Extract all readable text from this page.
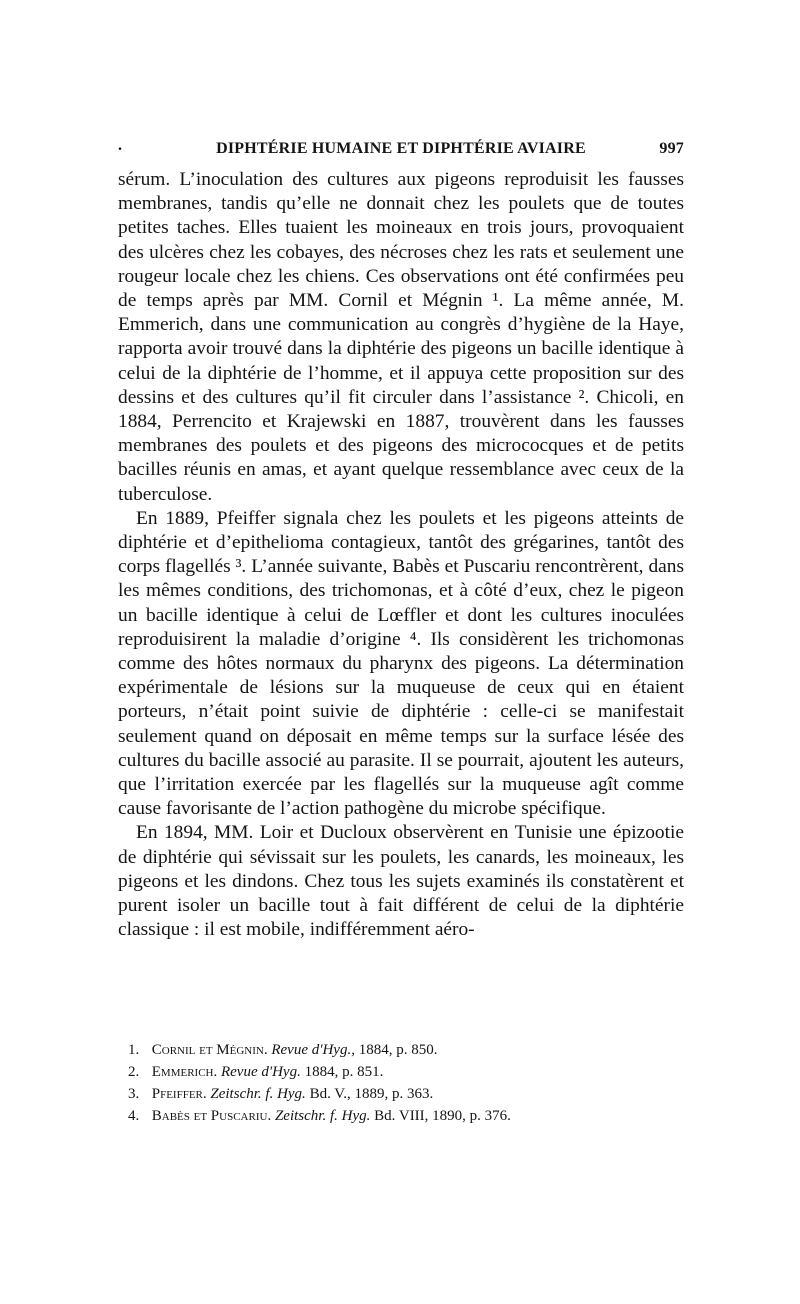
.	DIPHTÉRIE HUMAINE ET DIPHTÉRIE AVIAIRE	997

sérum. L’inoculation des cultures aux pigeons reproduisit les fausses membranes, tandis qu’elle ne donnait chez les poulets que de toutes petites taches. Elles tuaient les moineaux en trois jours, provoquaient des ulcères chez les cobayes, des nécroses chez les rats et seulement une rougeur locale chez les chiens. Ces observations ont été confirmées peu de temps après par MM. Cornil et Mégnin ¹. La même année, M. Emmerich, dans une communication au congrès d’hygiène de la Haye, rapporta avoir trouvé dans la diphtérie des pigeons un bacille identique à celui de la diphtérie de l’homme, et il appuya cette proposition sur des dessins et des cultures qu’il fit circuler dans l’assistance ². Chicoli, en 1884, Perrencito et Krajewski en 1887, trouvèrent dans les fausses membranes des poulets et des pigeons des micrococques et de petits bacilles réunis en amas, et ayant quelque ressemblance avec ceux de la tuberculose.

En 1889, Pfeiffer signala chez les poulets et les pigeons atteints de diphtérie et d’epithelioma contagieux, tantôt des grégarines, tantôt des corps flagellés ³. L’année suivante, Babès et Puscariu rencontrèrent, dans les mêmes conditions, des trichomonas, et à côté d’eux, chez le pigeon un bacille identique à celui de Lœffler et dont les cultures inoculées reproduisirent la maladie d’origine ⁴. Ils considèrent les trichomonas comme des hôtes normaux du pharynx des pigeons. La détermination expérimentale de lésions sur la muqueuse de ceux qui en étaient porteurs, n’était point suivie de diphtérie : celle-ci se manifestait seulement quand on déposait en même temps sur la surface lésée des cultures du bacille associé au parasite. Il se pourrait, ajoutent les auteurs, que l’irritation exercée par les flagellés sur la muqueuse agît comme cause favorisante de l’action pathogène du microbe spécifique.

En 1894, MM. Loir et Ducloux observèrent en Tunisie une épizootie de diphtérie qui sévissait sur les poulets, les canards, les moineaux, les pigeons et les dindons. Chez tous les sujets examinés ils constatèrent et purent isoler un bacille tout à fait différent de celui de la diphtérie classique : il est mobile, indifféremment aéro-

1. Cornil et Mégnin. Revue d'Hyg., 1884, p. 850.
2. Emmerich. Revue d'Hyg. 1884, p. 851.
3. Pfeiffer. Zeitschr. f. Hyg. Bd. V., 1889, p. 363.
4. Babès et Puscariu. Zeitschr. f. Hyg. Bd. VIII, 1890, p. 376.
